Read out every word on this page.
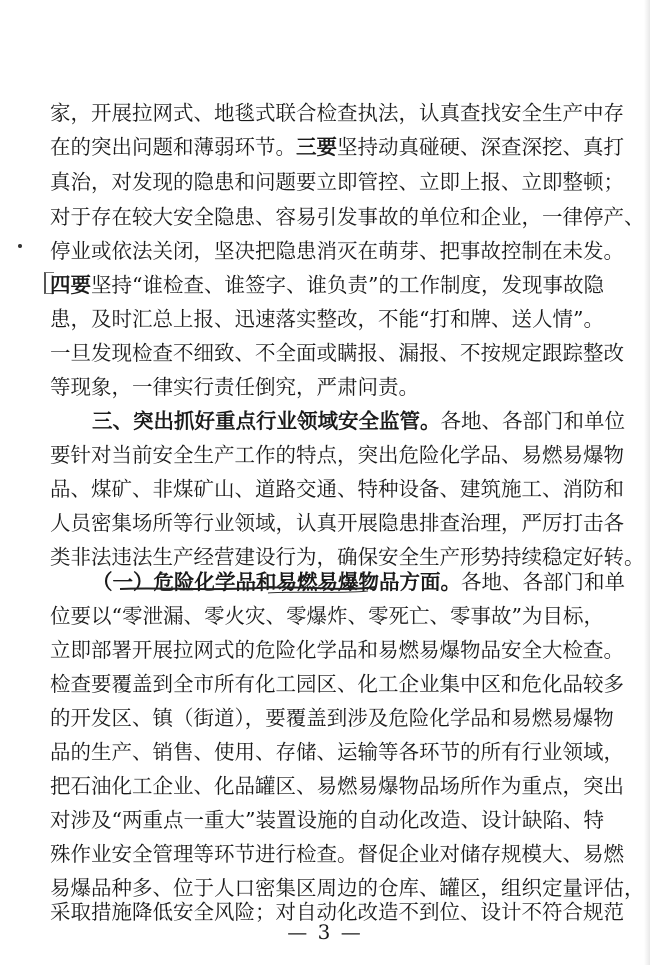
家，开展拉网式、地毯式联合检查执法，认真查找安全生产中存
在的突出问题和薄弱环节。三要坚持动真碰硬、深查深挖、真打
真治，对发现的隐患和问题要立即管控、立即上报、立即整顿；
对于存在较大安全隐患、容易引发事故的单位和企业，一律停产、
停业或依法关闭，坚决把隐患消灭在萌芽、把事故控制在未发。
四要坚持“谁检查、谁签字、谁负责”的工作制度，发现事故隐
患，及时汇总上报、迅速落实整改，不能“打和牌、送人情”。
一旦发现检查不细致、不全面或瞒报、漏报、不按规定跟踪整改
等现象，一律实行责任倒究，严肃问责。
三、突出抓好重点行业领域安全监管。各地、各部门和单位
要针对当前安全生产工作的特点，突出危险化学品、易燃易爆物
品、煤矿、非煤矿山、道路交通、特种设备、建筑施工、消防和
人员密集场所等行业领域，认真开展隐患排查治理，严厉打击各
类非法违法生产经营建设行为，确保安全生产形势持续稳定好转。
（一）危险化学品和易燃易爆物品方面。各地、各部门和单
位要以“零泄漏、零火灾、零爆炸、零死亡、零事故”为目标，
立即部署开展拉网式的危险化学品和易燃易爆物品安全大检查。
检查要覆盖到全市所有化工园区、化工企业集中区和危化品较多
的开发区、镇（街道），要覆盖到涉及危险化学品和易燃易爆物
品的生产、销售、使用、存储、运输等各环节的所有行业领域，
把石油化工企业、化品罐区、易燃易爆物品场所作为重点，突出
对涉及“两重点一重大”装置设施的自动化改造、设计缺陷、特
殊作业安全管理等环节进行检查。督促企业对储存规模大、易燃
易爆品种多、位于人口密集区周边的仓库、罐区，组织定量评估，
采取措施降低安全风险；对自动化改造不到位、设计不符合规范
— 3 —
